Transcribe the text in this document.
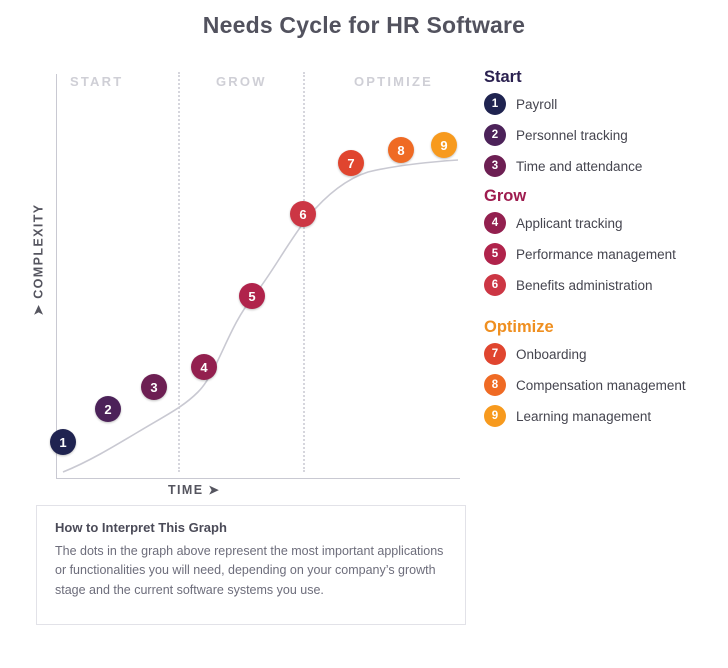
Needs Cycle for HR Software
START	GROW	OPTIMIZE
➤ COMPLEXITY
TIME ➤
1
2
3
4
5
6
7
8	9
How to Interpret This Graph
The dots in the graph above represent the most important applications or functionalities you will need, depending on your company’s growth stage and the current software systems you use.
Start
1	Payroll
2	Personnel tracking
3	Time and attendance
Grow
4	Applicant tracking
5	Performance management
6	Benefits administration
Optimize
7	Onboarding
8	Compensation management
9	Learning management
